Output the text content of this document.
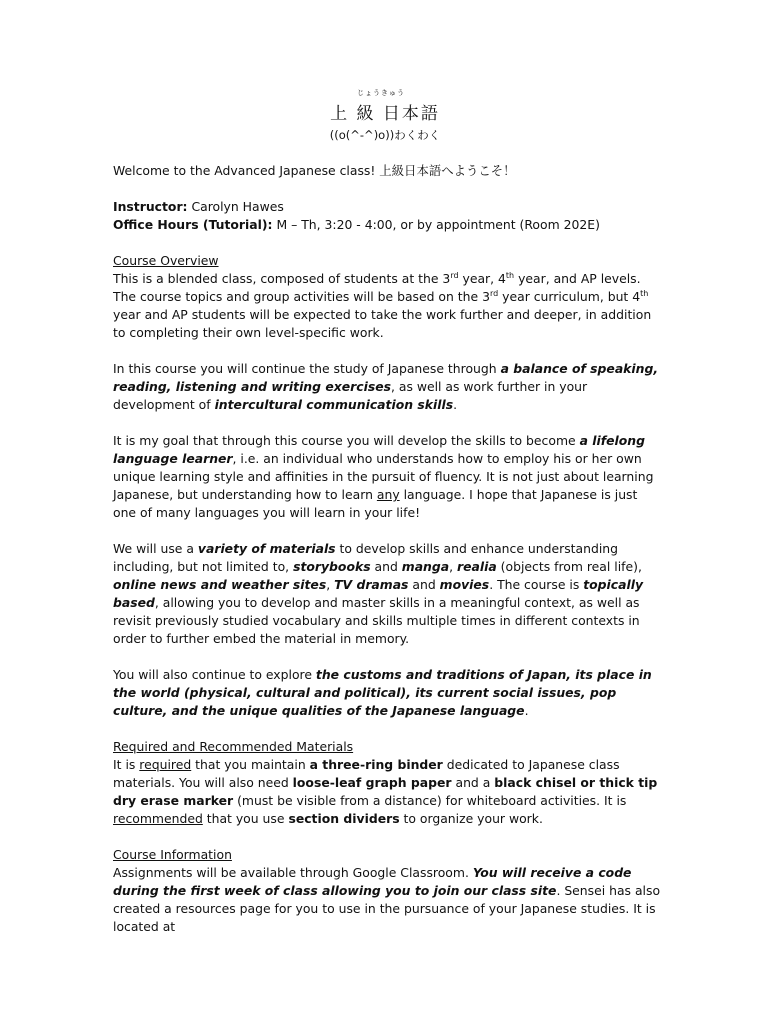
じょうきゅう
上 級 日本語
((o(^-^)o))わくわく

Welcome to the Advanced Japanese class! 上級日本語へようこそ！

Instructor: Carolyn Hawes

Office Hours (Tutorial): M – Th, 3:20 - 4:00, or by appointment (Room 202E)

Course Overview

This is a blended class, composed of students at the 3rd year, 4th year, and AP levels. The course topics and group activities will be based on the 3rd year curriculum, but 4th year and AP students will be expected to take the work further and deeper, in addition to completing their own level-specific work.

In this course you will continue the study of Japanese through a balance of speaking, reading, listening and writing exercises, as well as work further in your development of intercultural communication skills.

It is my goal that through this course you will develop the skills to become a lifelong language learner, i.e. an individual who understands how to employ his or her own unique learning style and affinities in the pursuit of fluency. It is not just about learning Japanese, but understanding how to learn any language. I hope that Japanese is just one of many languages you will learn in your life!

We will use a variety of materials to develop skills and enhance understanding including, but not limited to, storybooks and manga, realia (objects from real life), online news and weather sites, TV dramas and movies. The course is topically based, allowing you to develop and master skills in a meaningful context, as well as revisit previously studied vocabulary and skills multiple times in different contexts in order to further embed the material in memory.

You will also continue to explore the customs and traditions of Japan, its place in the world (physical, cultural and political), its current social issues, pop culture, and the unique qualities of the Japanese language.

Required and Recommended Materials

It is required that you maintain a three-ring binder dedicated to Japanese class materials. You will also need loose-leaf graph paper and a black chisel or thick tip dry erase marker (must be visible from a distance) for whiteboard activities. It is recommended that you use section dividers to organize your work.

Course Information

Assignments will be available through Google Classroom. You will receive a code during the first week of class allowing you to join our class site. Sensei has also created a resources page for you to use in the pursuance of your Japanese studies. It is located at
